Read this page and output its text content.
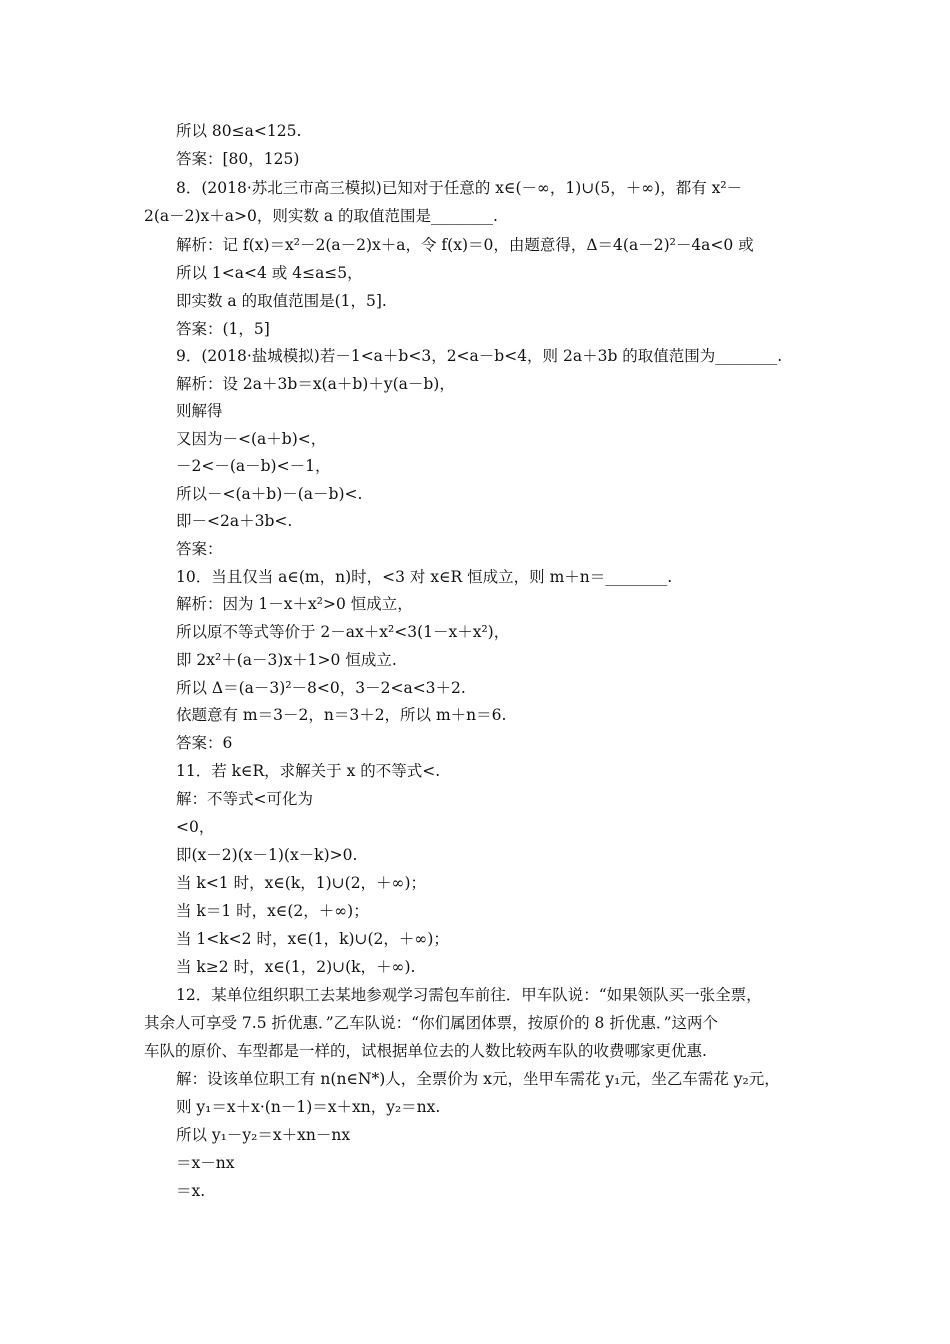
所以 80≤a<125.
答案：[80，125)
8．(2018·苏北三市高三模拟)已知对于任意的 x∈(－∞，1)∪(5，＋∞)，都有 x²－
2(a－2)x＋a>0，则实数 a 的取值范围是________.
解析：记 f(x)＝x²－2(a－2)x＋a，令 f(x)＝0，由题意得，Δ＝4(a－2)²－4a<0 或
所以 1<a<4 或 4≤a≤5，
即实数 a 的取值范围是(1，5].
答案：(1，5]
9．(2018·盐城模拟)若－1<a＋b<3，2<a－b<4，则 2a＋3b 的取值范围为________.
解析：设 2a＋3b＝x(a＋b)＋y(a－b)，
则解得
又因为－<(a＋b)<，
－2<－(a－b)<－1，
所以－<(a＋b)－(a－b)<.
即－<2a＋3b<.
答案：
10．当且仅当 a∈(m，n)时，<3 对 x∈R 恒成立，则 m＋n＝________.
解析：因为 1－x＋x²>0 恒成立，
所以原不等式等价于 2－ax＋x²<3(1－x＋x²)，
即 2x²＋(a－3)x＋1>0 恒成立.
所以 Δ＝(a－3)²－8<0，3－2<a<3＋2.
依题意有 m＝3－2，n＝3＋2，所以 m＋n＝6.
答案：6
11．若 k∈R，求解关于 x 的不等式<.
解：不等式<可化为
<0，
即(x－2)(x－1)(x－k)>0.
当 k<1 时，x∈(k，1)∪(2，＋∞)；
当 k＝1 时，x∈(2，＋∞)；
当 1<k<2 时，x∈(1，k)∪(2，＋∞)；
当 k≥2 时，x∈(1，2)∪(k，＋∞).
12．某单位组织职工去某地参观学习需包车前往．甲车队说：“如果领队买一张全票，
其余人可享受 7.5 折优惠．”乙车队说：“你们属团体票，按原价的 8 折优惠．”这两个
车队的原价、车型都是一样的，试根据单位去的人数比较两车队的收费哪家更优惠.
解：设该单位职工有 n(n∈N*)人，全票价为 x元，坐甲车需花 y₁元，坐乙车需花 y₂元，
则 y₁＝x＋x·(n－1)＝x＋xn，y₂＝nx.
所以 y₁－y₂＝x＋xn－nx
＝x－nx
＝x.
